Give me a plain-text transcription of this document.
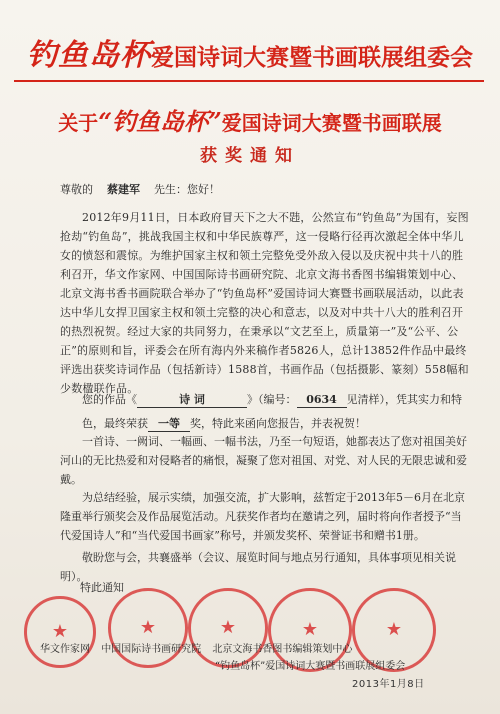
钓鱼岛杯爱国诗词大赛暨书画联展组委会
关于“钓鱼岛杯”爱国诗词大赛暨书画联展
获奖通知
尊敬的 蔡建军 先生：您好！
2012年9月11日，日本政府冒天下之大不韪，公然宣布“钓鱼岛”为国有，妄图抢劫“钓鱼岛”，挑战我国主权和中华民族尊严，这一侵略行径再次激起全体中华儿女的愤怒和震惊。为维护国家主权和领土完整免受外敌入侵以及庆祝中共十八的胜利召开，华文作家网、中国国际诗书画研究院、北京文海书香图书编辑策划中心、北京文海书香书画院联合举办了“钓鱼岛杯”爱国诗词大赛暨书画联展活动，以此表达中华儿女捍卫国家主权和领土完整的决心和意志，以及对中共十八大的胜利召开的热烈祝贺。经过大家的共同努力，在秉承以“文艺至上，质量第一”及“公平、公正”的原则和旨，评委会在所有海内外来稿作者5826人，总计13852件作品中最终评选出获奖诗词作品（包括新诗）1588首，书画作品（包括摄影、篆刻）558幅和少数楹联作品。
您的作品《	诗 词	》（编号： 0634 见清样），凭其实力和特色，最终荣获 一等 奖，特此来函向您报告，并表祝贺！
一首诗、一阙词、一幅画、一幅书法，乃至一句短语，她都表达了您对祖国美好河山的无比热爱和对侵略者的痛恨，凝聚了您对祖国、对党、对人民的无限忠诚和爱戴。
为总结经验，展示实绩，加强交流，扩大影响，兹暂定于2013年5－6月在北京隆重举行颁奖会及作品展览活动。凡获奖作者均在邀请之列，届时将向作者授予“当代爱国诗人”和“当代爱国书画家”称号，并颁发奖杯、荣誉证书和赠书1册。
敬盼您与会，共襄盛举（会议、展览时间与地点另行通知，具体事项见相关说明）。
特此通知
★	★	★	★	★
华文作家网 中国国际诗书画研究院 北京文海书香图书编辑策划中心
“钓鱼岛杯”爱国诗词大赛暨书画联展组委会
2013年1月8日
